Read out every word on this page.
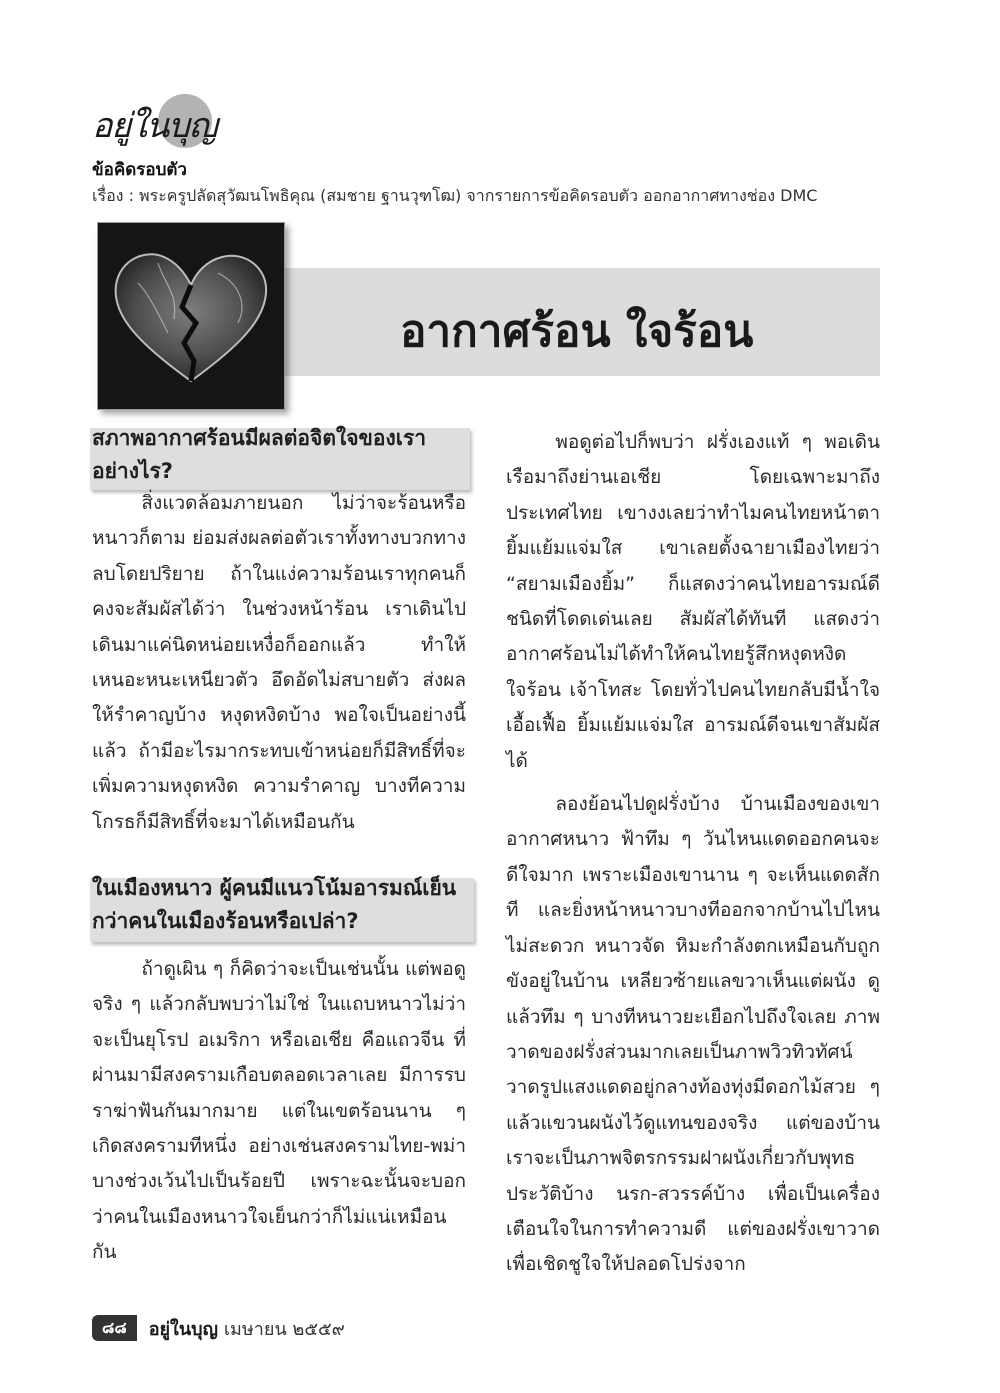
อยู่ในบุญ
ข้อคิดรอบตัว
เรื่อง : พระครูปลัดสุวัฒนโพธิคุณ (สมชาย ฐานวุฑโฒ) จากรายการข้อคิดรอบตัว ออกอากาศทางช่อง DMC
อากาศร้อน ใจร้อน
สภาพอากาศร้อนมีผลต่อจิตใจของเรา อย่างไร?

สิ่งแวดล้อมภายนอก ไม่ว่าจะร้อนหรือหนาวก็ตาม ย่อมส่งผลต่อตัวเราทั้งทางบวกทางลบโดยปริยาย ถ้าในแง่ความร้อนเราทุกคนก็คงจะสัมผัสได้ว่า ในช่วงหน้าร้อน เราเดินไปเดินมาแค่นิดหน่อยเหงื่อก็ออกแล้ว ทำให้เหนอะหนะเหนียวตัว อึดอัดไม่สบายตัว ส่งผลให้รำคาญบ้าง หงุดหงิดบ้าง พอใจเป็นอย่างนี้แล้ว ถ้ามีอะไรมากระทบเข้าหน่อยก็มีสิทธิ์ที่จะเพิ่มความหงุดหงิด ความรำคาญ บางทีความโกรธก็มีสิทธิ์ที่จะมาได้เหมือนกัน

ในเมืองหนาว ผู้คนมีแนวโน้มอารมณ์เย็นกว่าคนในเมืองร้อนหรือเปล่า?

ถ้าดูเผิน ๆ ก็คิดว่าจะเป็นเช่นนั้น แต่พอดูจริง ๆ แล้วกลับพบว่าไม่ใช่ ในแถบหนาวไม่ว่าจะเป็นยุโรป อเมริกา หรือเอเชีย คือแถวจีน ที่ผ่านมามีสงครามเกือบตลอดเวลาเลย มีการรบราฆ่าฟันกันมากมาย แต่ในเขตร้อนนาน ๆ เกิดสงครามทีหนึ่ง อย่างเช่นสงครามไทย-พม่า บางช่วงเว้นไปเป็นร้อยปี เพราะฉะนั้นจะบอกว่าคนในเมืองหนาวใจเย็นกว่าก็ไม่แน่เหมือนกัน

พอดูต่อไปก็พบว่า ฝรั่งเองแท้ ๆ พอเดินเรือมาถึงย่านเอเชีย โดยเฉพาะมาถึงประเทศไทย เขางงเลยว่าทำไมคนไทยหน้าตายิ้มแย้มแจ่มใส เขาเลยตั้งฉายาเมืองไทยว่า “สยามเมืองยิ้ม” ก็แสดงว่าคนไทยอารมณ์ดีชนิดที่โดดเด่นเลย สัมผัสได้ทันที แสดงว่าอากาศร้อนไม่ได้ทำให้คนไทยรู้สึกหงุดหงิดใจร้อน เจ้าโทสะ โดยทั่วไปคนไทยกลับมีน้ำใจเอื้อเฟื้อ ยิ้มแย้มแจ่มใส อารมณ์ดีจนเขาสัมผัสได้

ลองย้อนไปดูฝรั่งบ้าง บ้านเมืองของเขาอากาศหนาว ฟ้าทึม ๆ วันไหนแดดออกคนจะดีใจมาก เพราะเมืองเขานาน ๆ จะเห็นแดดสักที และยิ่งหน้าหนาวบางทีออกจากบ้านไปไหนไม่สะดวก หนาวจัด หิมะกำลังตกเหมือนกับถูกขังอยู่ในบ้าน เหลียวซ้ายแลขวาเห็นแต่ผนัง ดูแล้วทึม ๆ บางทีหนาวยะเยือกไปถึงใจเลย ภาพวาดของฝรั่งส่วนมากเลยเป็นภาพวิวทิวทัศน์ วาดรูปแสงแดดอยู่กลางท้องทุ่งมีดอกไม้สวย ๆ แล้วแขวนผนังไว้ดูแทนของจริง แต่ของบ้านเราจะเป็นภาพจิตรกรรมฝาผนังเกี่ยวกับพุทธประวัติบ้าง นรก-สวรรค์บ้าง เพื่อเป็นเครื่องเตือนใจในการทำความดี แต่ของฝรั่งเขาวาดเพื่อเชิดชูใจให้ปลอดโปร่งจาก

๘๘	อยู่ในบุญ เมษายน ๒๕๕๙
